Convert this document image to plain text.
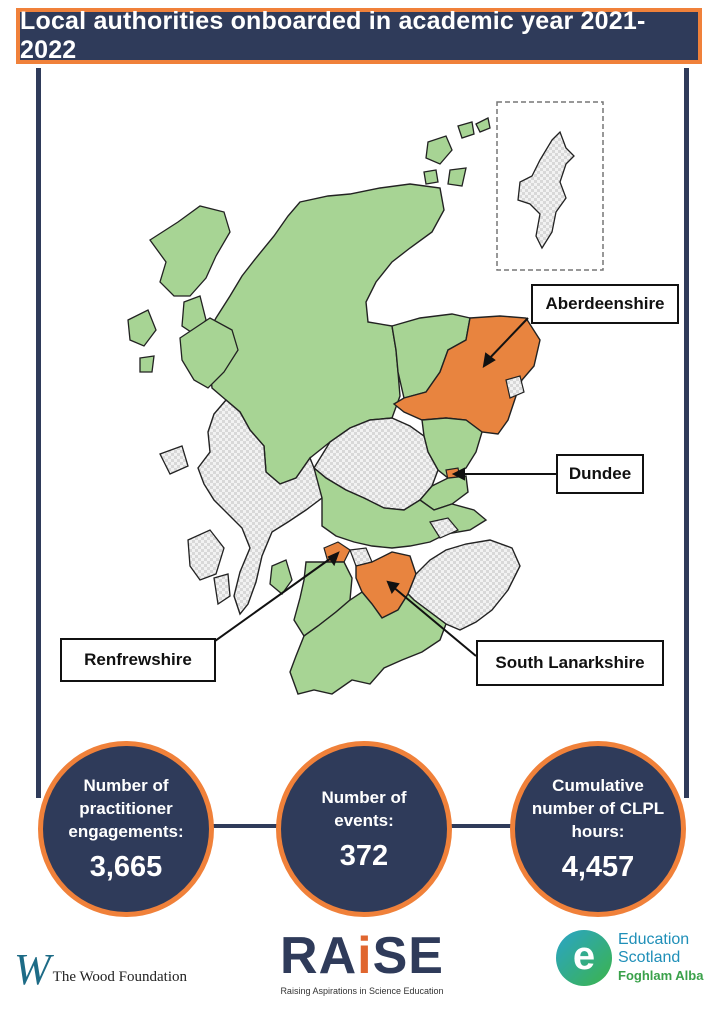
Local authorities onboarded in academic year 2021-2022
Aberdeenshire
Dundee
Renfrewshire	South Lanarkshire
Number of
practitioner
engagements:
3,665
Number of
events:
372
Cumulative
number of CLPL
hours:
4,457
W The Wood Foundation RAiSE
Raising Aspirations in Science Education
e	Education
Scotland
Foghlam Alba
